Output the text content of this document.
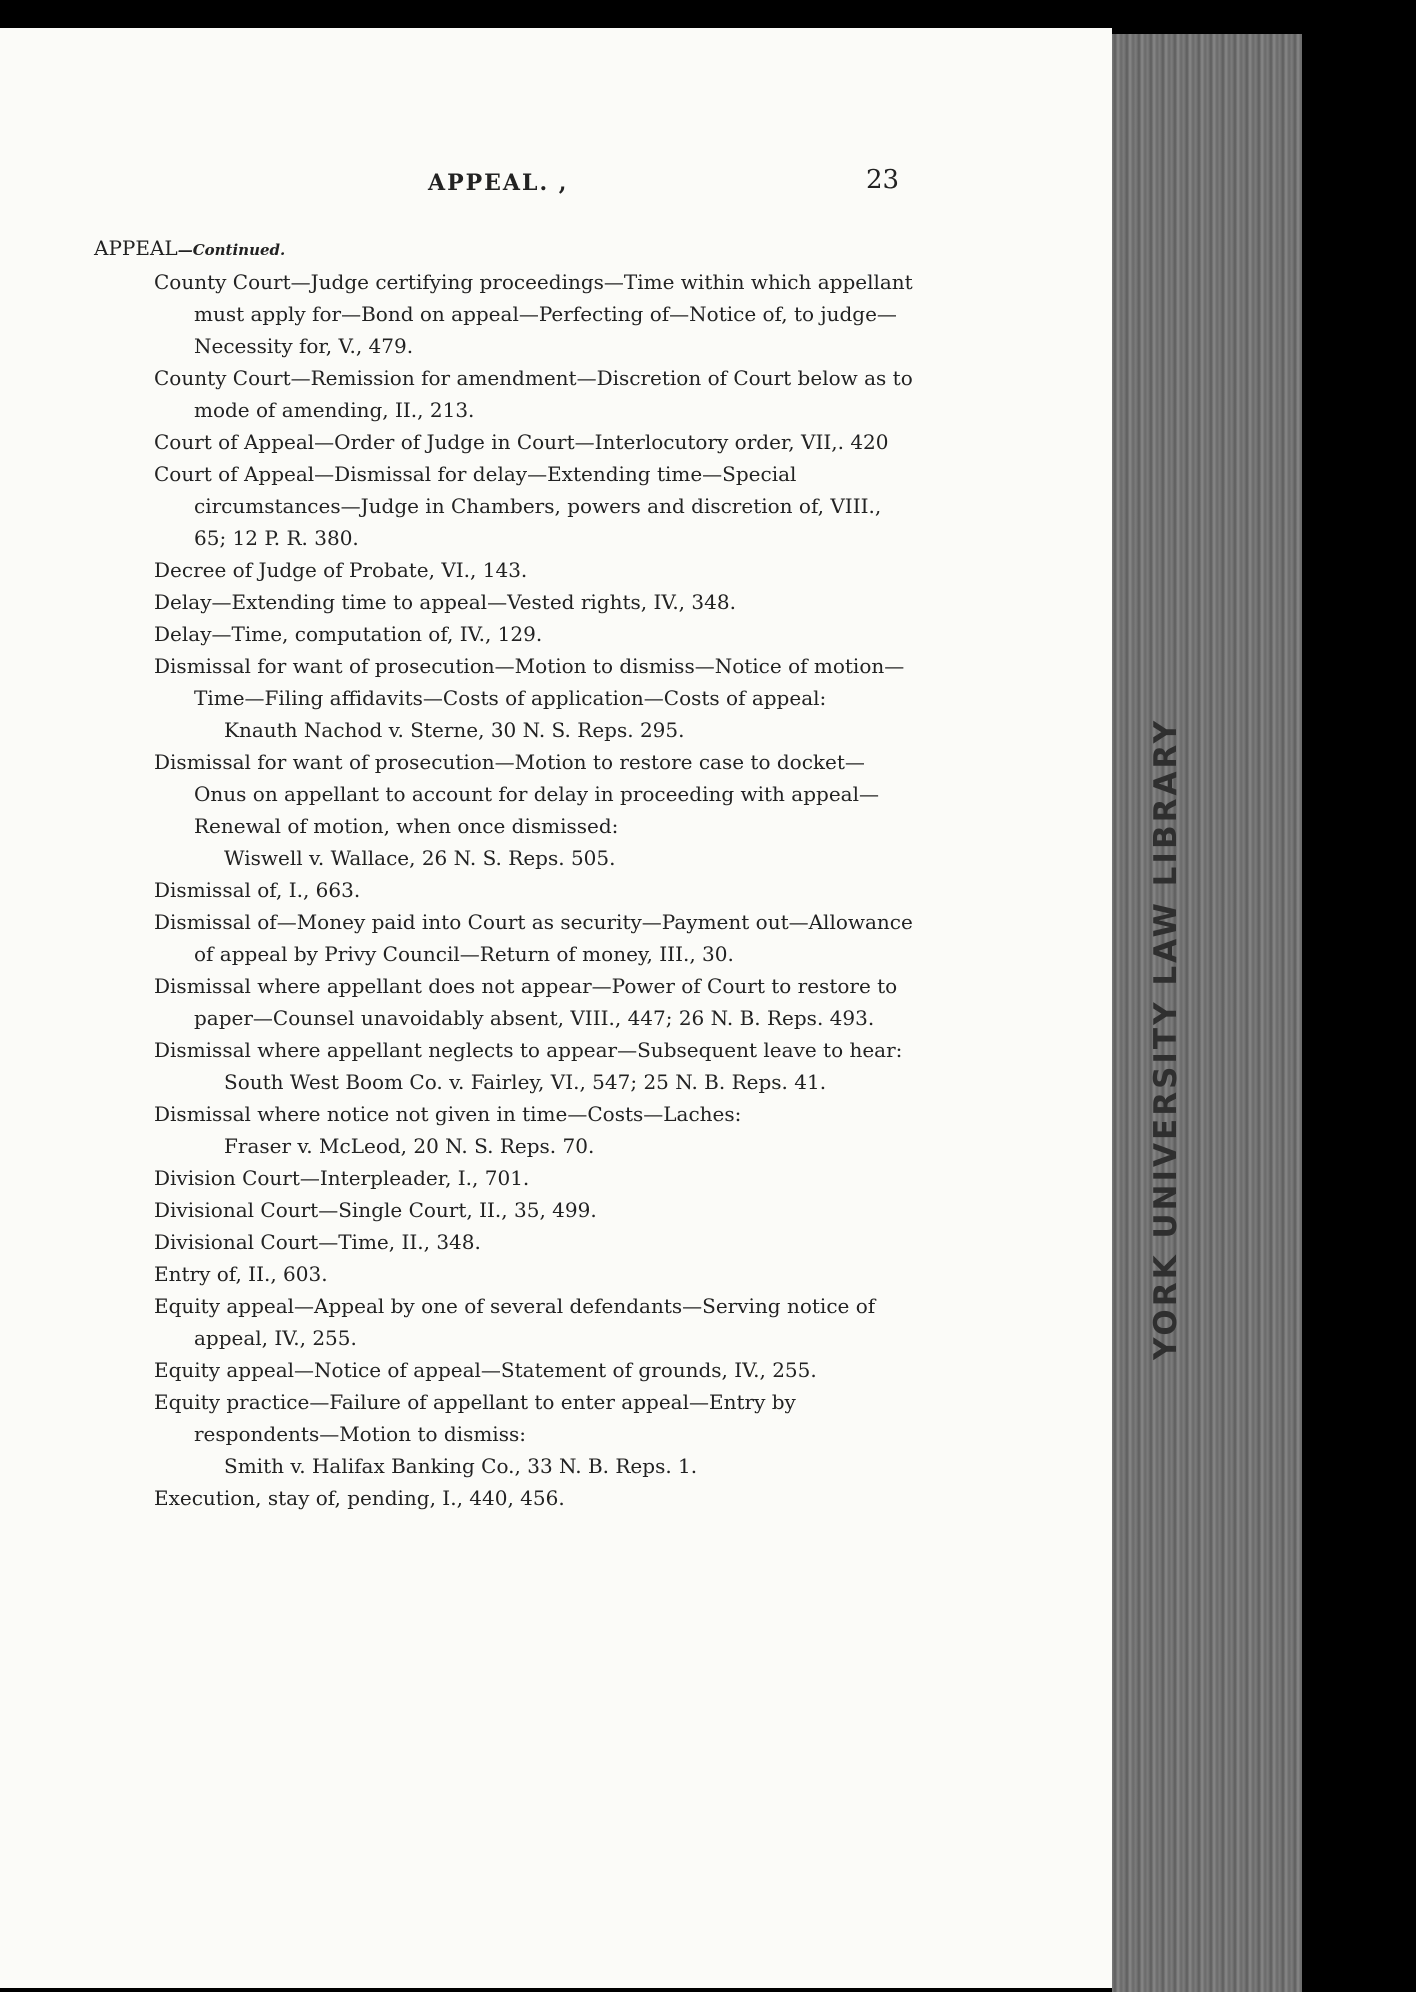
YORK UNIVERSITY LAW LIBRARY
APPEAL. ,	23
APPEAL—Continued.
County Court—Judge certifying proceedings—Time within which appellant must apply for—Bond on appeal—Perfecting of—Notice of, to judge—Necessity for, V., 479.
County Court—Remission for amendment—Discretion of Court below as to mode of amending, II., 213.
Court of Appeal—Order of Judge in Court—Interlocutory order, VII,. 420
Court of Appeal—Dismissal for delay—Extending time—Special circumstances—Judge in Chambers, powers and discretion of, VIII., 65; 12 P. R. 380.
Decree of Judge of Probate, VI., 143.
Delay—Extending time to appeal—Vested rights, IV., 348.
Delay—Time, computation of, IV., 129.
Dismissal for want of prosecution—Motion to dismiss—Notice of motion—Time—Filing affidavits—Costs of application—Costs of appeal:
Knauth Nachod v. Sterne, 30 N. S. Reps. 295.
Dismissal for want of prosecution—Motion to restore case to docket—Onus on appellant to account for delay in proceeding with appeal—Renewal of motion, when once dismissed:
Wiswell v. Wallace, 26 N. S. Reps. 505.
Dismissal of, I., 663.
Dismissal of—Money paid into Court as security—Payment out—Allowance of appeal by Privy Council—Return of money, III., 30.
Dismissal where appellant does not appear—Power of Court to restore to paper—Counsel unavoidably absent, VIII., 447; 26 N. B. Reps. 493.
Dismissal where appellant neglects to appear—Subsequent leave to hear:
South West Boom Co. v. Fairley, VI., 547; 25 N. B. Reps. 41.
Dismissal where notice not given in time—Costs—Laches:
Fraser v. McLeod, 20 N. S. Reps. 70.
Division Court—Interpleader, I., 701.
Divisional Court—Single Court, II., 35, 499.
Divisional Court—Time, II., 348.
Entry of, II., 603.
Equity appeal—Appeal by one of several defendants—Serving notice of appeal, IV., 255.
Equity appeal—Notice of appeal—Statement of grounds, IV., 255.
Equity practice—Failure of appellant to enter appeal—Entry by respondents—Motion to dismiss:
Smith v. Halifax Banking Co., 33 N. B. Reps. 1.
Execution, stay of, pending, I., 440, 456.
